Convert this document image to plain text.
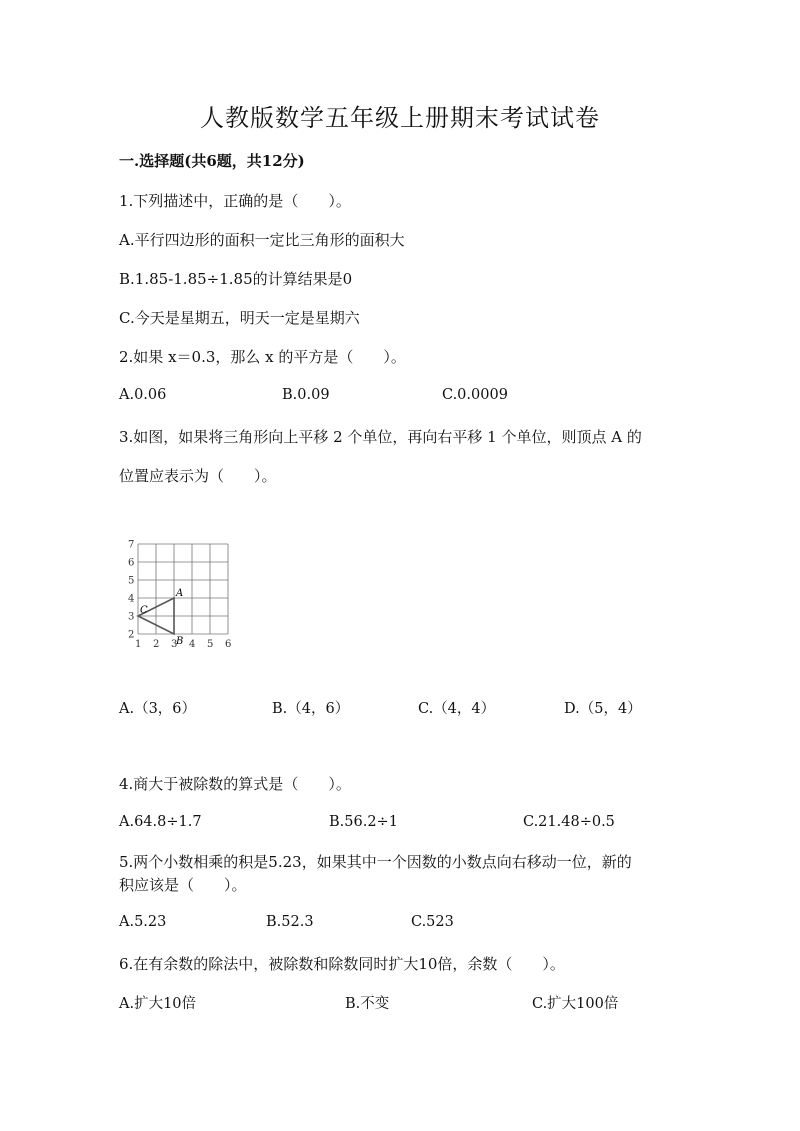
人教版数学五年级上册期末考试试卷
一.选择题(共6题，共12分)
1.下列描述中，正确的是（　　）。
A.平行四边形的面积一定比三角形的面积大
B.1.85-1.85÷1.85的计算结果是0
C.今天是星期五，明天一定是星期六
2.如果 x＝0.3，那么 x 的平方是（　　）。
A.0.06	B.0.09	C.0.0009
3.如图，如果将三角形向上平移 2 个单位，再向右平移 1 个单位，则顶点 A 的
位置应表示为（　　）。
2
3
4
5
6
7
1 2 3 4 5 6
A
B
C
A.（3，6）	B.（4，6）	C.（4，4）	D.（5，4）
4.商大于被除数的算式是（　　）。
A.64.8÷1.7	B.56.2÷1	C.21.48÷0.5
5.两个小数相乘的积是5.23，如果其中一个因数的小数点向右移动一位，新的
积应该是（　　）。
A.5.23	B.52.3	C.523
6.在有余数的除法中，被除数和除数同时扩大10倍，余数（　　）。
A.扩大10倍	B.不变	C.扩大100倍
